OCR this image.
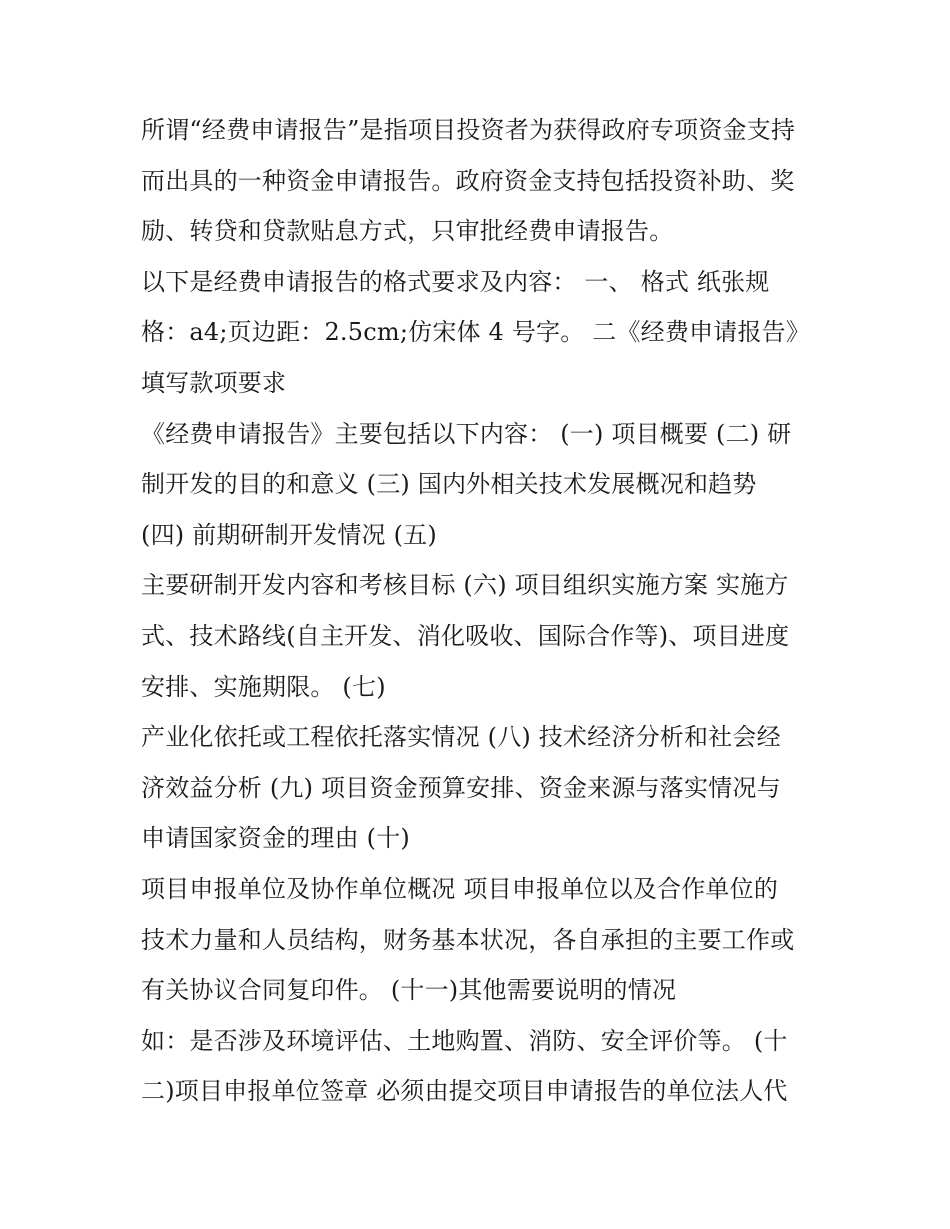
所谓“经费申请报告”是指项目投资者为获得政府专项资金支持
而出具的一种资金申请报告。政府资金支持包括投资补助、奖
励、转贷和贷款贴息方式，只审批经费申请报告。
以下是经费申请报告的格式要求及内容： 一、 格式 纸张规
格：a4;页边距：2.5cm;仿宋体 4 号字。 二《经费申请报告》
填写款项要求
《经费申请报告》主要包括以下内容： (一) 项目概要 (二) 研
制开发的目的和意义 (三) 国内外相关技术发展概况和趋势
(四) 前期研制开发情况 (五)
主要研制开发内容和考核目标 (六) 项目组织实施方案 实施方
式、技术路线(自主开发、消化吸收、国际合作等)、项目进度
安排、实施期限。 (七)
产业化依托或工程依托落实情况 (八) 技术经济分析和社会经
济效益分析 (九) 项目资金预算安排、资金来源与落实情况与
申请国家资金的理由 (十)
项目申报单位及协作单位概况 项目申报单位以及合作单位的
技术力量和人员结构，财务基本状况，各自承担的主要工作或
有关协议合同复印件。 (十一)其他需要说明的情况
如：是否涉及环境评估、土地购置、消防、安全评价等。 (十
二)项目申报单位签章 必须由提交项目申请报告的单位法人代
